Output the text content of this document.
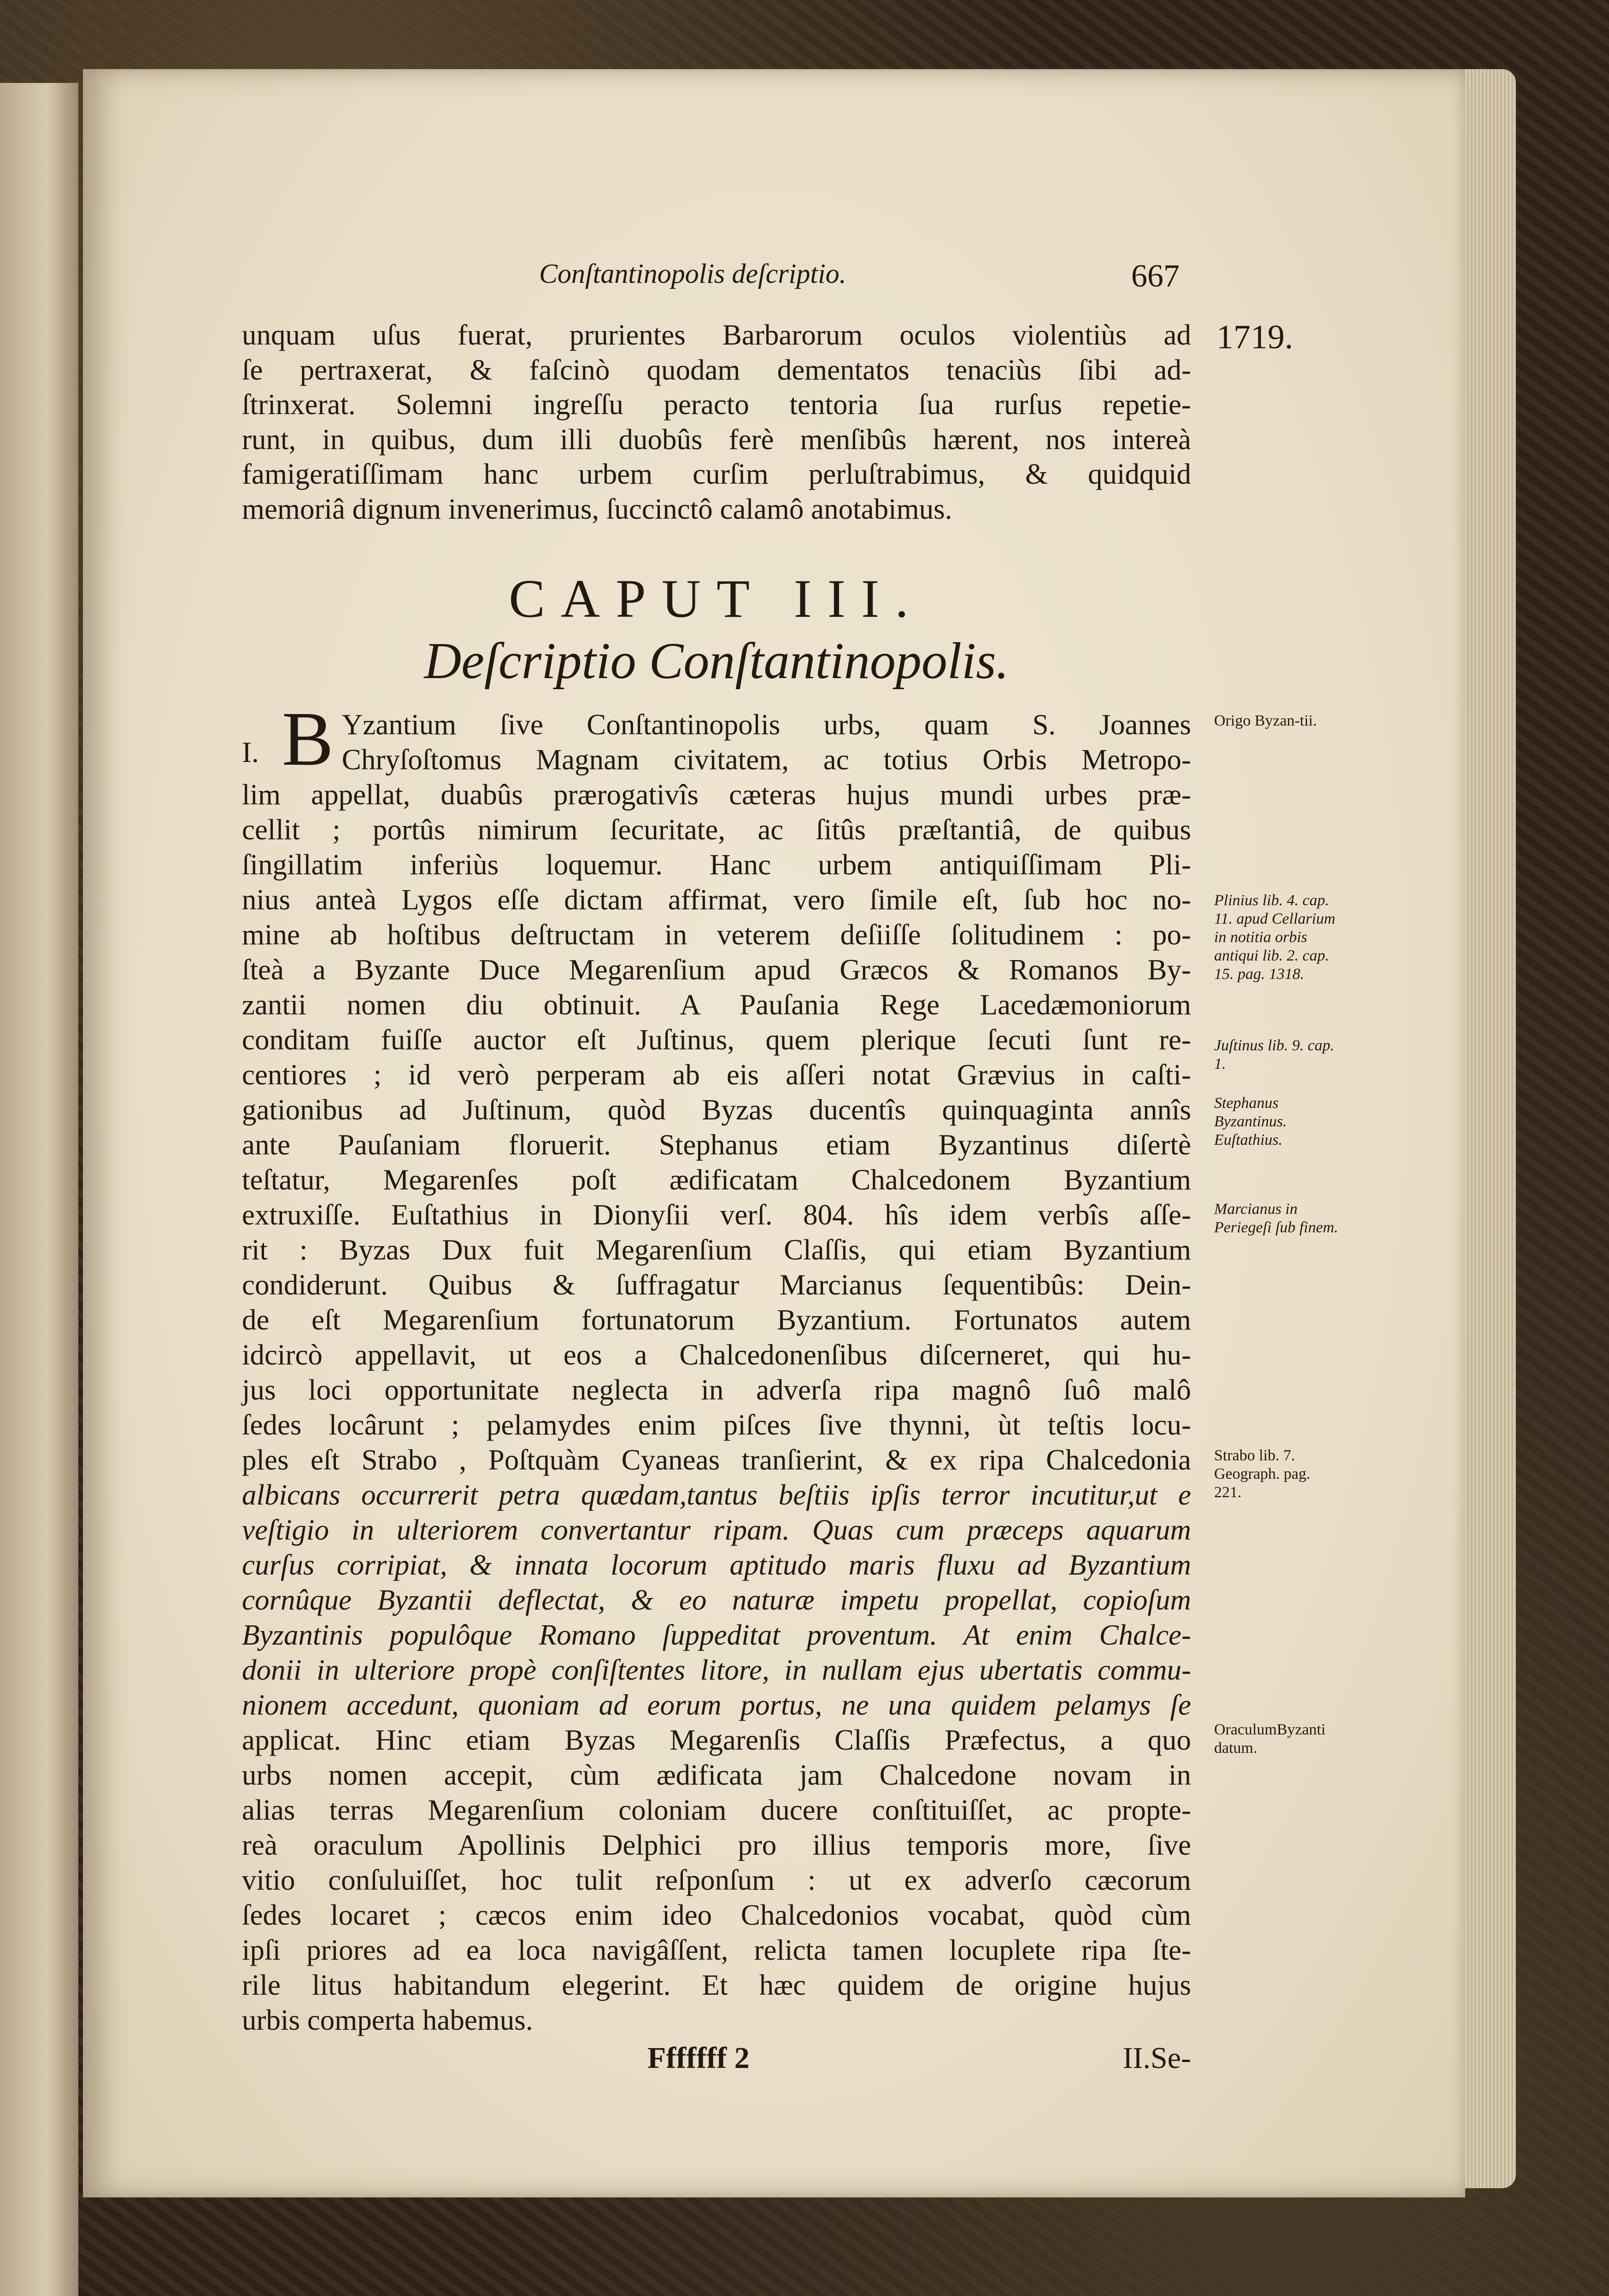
Conſtantinopolis deſcriptio.	667
1719.
unquam uſus fuerat, prurientes Barbarorum oculos violentiùs ad
ſe pertraxerat, & faſcinò quodam dementatos tenaciùs ſibi ad-
ſtrinxerat. Solemni ingreſſu peracto tentoria ſua rurſus repetie-
runt, in quibus, dum illi duobûs ferè menſibûs hærent, nos intereà
famigeratiſſimam hanc urbem curſim perluſtrabimus, & quidquid
memoriâ dignum invenerimus, ſuccinctô calamô anotabimus.

CAPUT III.

Deſcriptio Conſtantinopolis.

I. B Yzantium ſive Conſtantinopolis urbs, quam S. Joannes
Chryſoſtomus Magnam civitatem, ac totius Orbis Metropo-
lim appellat, duabûs prærogativîs cæteras hujus mundi urbes præ-
cellit ; portûs nimirum ſecuritate, ac ſitûs præſtantiâ, de quibus
ſingillatim inferiùs loquemur. Hanc urbem antiquiſſimam Pli-
nius anteà Lygos eſſe dictam affirmat, vero ſimile eſt, ſub hoc no-
mine ab hoſtibus deſtructam in veterem deſiiſſe ſolitudinem : po-
ſteà a Byzante Duce Megarenſium apud Græcos & Romanos By-
zantii nomen diu obtinuit. A Pauſania Rege Lacedæmoniorum
conditam fuiſſe auctor eſt Juſtinus, quem plerique ſecuti ſunt re-
centiores ; id verò perperam ab eis aſſeri notat Grævius in caſti-
gationibus ad Juſtinum, quòd Byzas ducentîs quinquaginta annîs
ante Pauſaniam floruerit. Stephanus etiam Byzantinus diſertè
teſtatur, Megarenſes poſt ædificatam Chalcedonem Byzantium
extruxiſſe. Euſtathius in Dionyſii verſ. 804. hîs idem verbîs aſſe-
rit : Byzas Dux fuit Megarenſium Claſſis, qui etiam Byzantium
condiderunt. Quibus & ſuffragatur Marcianus ſequentibûs: Dein-
de eſt Megarenſium fortunatorum Byzantium. Fortunatos autem
idcircò appellavit, ut eos a Chalcedonenſibus diſcerneret, qui hu-
jus loci opportunitate neglecta in adverſa ripa magnô ſuô malô
ſedes locârunt ; pelamydes enim piſces ſive thynni, ùt teſtis locu-
ples eſt Strabo , Poſtquàm Cyaneas tranſierint, & ex ripa Chalcedonia
albicans occurrerit petra quædam,tantus beſtiis ipſis terror incutitur,ut e
veſtigio in ulteriorem convertantur ripam. Quas cum præceps aquarum
curſus corripiat, & innata locorum aptitudo maris fluxu ad Byzantium
cornûque Byzantii deflectat, & eo naturæ impetu propellat, copioſum
Byzantinis populôque Romano ſuppeditat proventum. At enim Chalce-
donii in ulteriore propè conſiſtentes litore, in nullam ejus ubertatis commu-
nionem accedunt, quoniam ad eorum portus, ne una quidem pelamys ſe
applicat. Hinc etiam Byzas Megarenſis Claſſis Præfectus, a quo
urbs nomen accepit, cùm ædificata jam Chalcedone novam in
alias terras Megarenſium coloniam ducere conſtituiſſet, ac propte-
reà oraculum Apollinis Delphici pro illius temporis more, ſive
vitio conſuluiſſet, hoc tulit reſponſum : ut ex adverſo cæcorum
ſedes locaret ; cæcos enim ideo Chalcedonios vocabat, quòd cùm
ipſi priores ad ea loca navigâſſent, relicta tamen locuplete ripa ſte-
rile litus habitandum elegerint. Et hæc quidem de origine hujus
urbis comperta habemus.
Origo Byzan-tii.
Plinius lib. 4. cap. 11. apud Cellarium in notitia orbis antiqui lib. 2. cap. 15. pag. 1318.
Juſtinus lib. 9. cap. 1.
Stephanus Byzantinus.
Euſtathius.
Marcianus in Periegeſi ſub finem.
Strabo lib. 7. Geograph. pag. 221.
OraculumByzanti datum.
Fffffff 2	II.Se-
